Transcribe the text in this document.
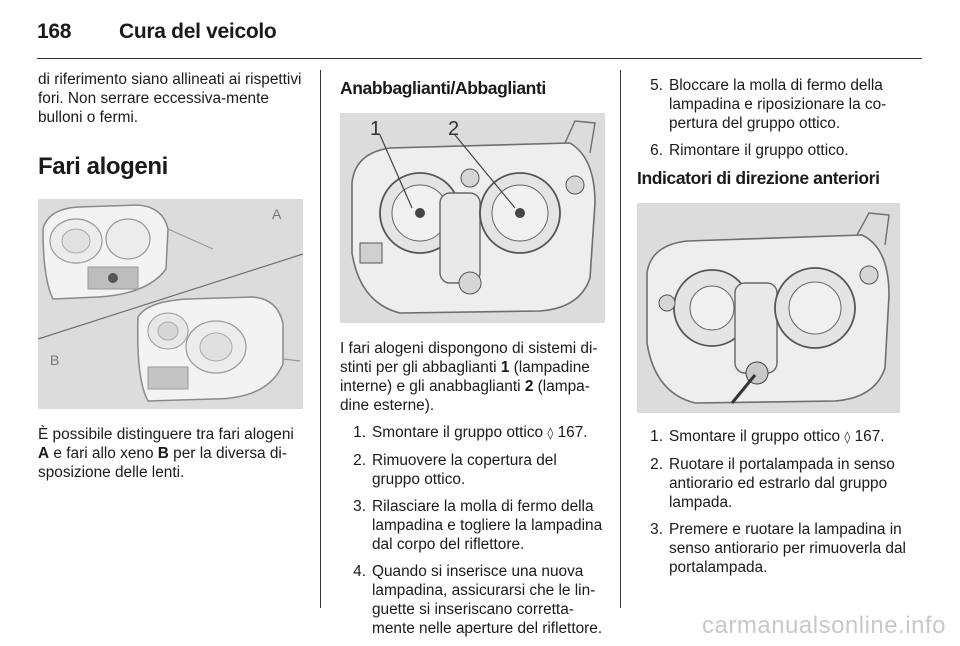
168 Cura del veicolo

di riferimento siano allineati ai rispettivi fori. Non serrare eccessiva-mente bulloni o fermi.

Fari alogeni
A
B

È possibile distinguere tra fari alogeni A e fari allo xeno B per la diversa di-sposizione delle lenti.

Anabbaglianti/Abbaglianti
1	2

I fari alogeni dispongono di sistemi di-stinti per gli abbaglianti 1 (lampadine interne) e gli anabbaglianti 2 (lampa-dine esterne).

1. Smontare il gruppo ottico ◊ 167.
2. Rimuovere la copertura del gruppo ottico.
3. Rilasciare la molla di fermo della lampadina e togliere la lampadina dal corpo del riflettore.
4. Quando si inserisce una nuova lampadina, assicurarsi che le lin-guette si inseriscano corretta-mente nelle aperture del riflettore.
5. Bloccare la molla di fermo della lampadina e riposizionare la co-pertura del gruppo ottico.
6. Rimontare il gruppo ottico.
Indicatori di direzione anteriori
1. Smontare il gruppo ottico ◊ 167.
2. Ruotare il portalampada in senso antiorario ed estrarlo dal gruppo lampada.
3. Premere e ruotare la lampadina in senso antiorario per rimuoverla dal portalampada.
carmanualsonline.info
